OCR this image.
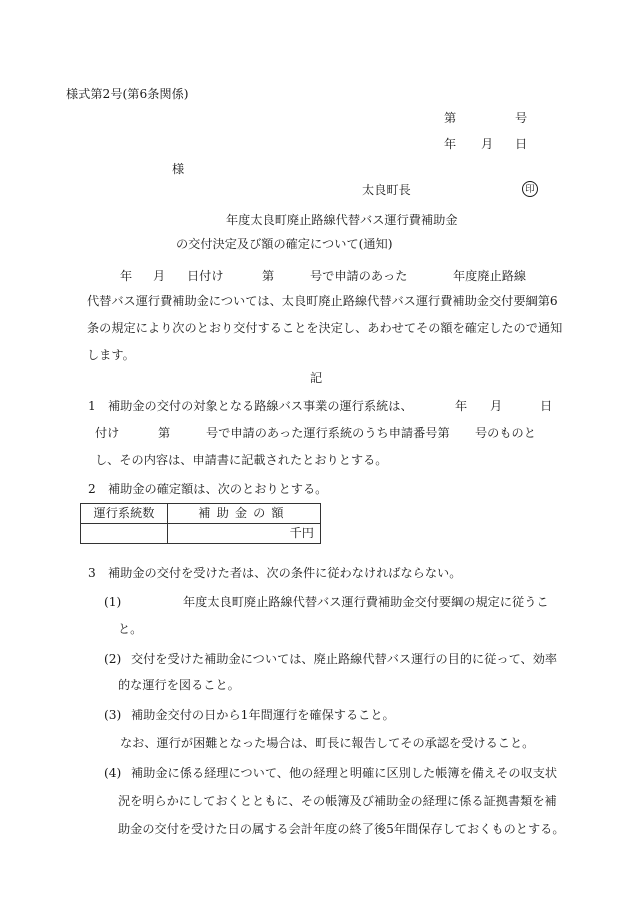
様式第2号(第6条関係)
第	号
年 月 日
様
太良町長	印
年度太良町廃止路線代替バス運行費補助金
の交付決定及び額の確定について(通知)
年 月 日付け	第	号で申請のあった	年度廃止路線
代替バス運行費補助金については、太良町廃止路線代替バス運行費補助金交付要綱第6
条の規定により次のとおり交付することを決定し、あわせてその額を確定したので通知
します。
記
1　補助金の交付の対象となる路線バス事業の運行系統は、	年 月	日
付け	第	号で申請のあった運行系統のうち申請番号第 号のものと
し、その内容は、申請書に記載されたとおりとする。
2　補助金の確定額は、次のとおりとする。
運行系統数	補助金の額
	千円
3　補助金の交付を受けた者は、次の条件に従わなければならない。
(1)	年度太良町廃止路線代替バス運行費補助金交付要綱の規定に従うこ
と。
(2) 交付を受けた補助金については、廃止路線代替バス運行の目的に従って、効率
的な運行を図ること。
(3) 補助金交付の日から1年間運行を確保すること。
なお、運行が困難となった場合は、町長に報告してその承認を受けること。
(4) 補助金に係る経理について、他の経理と明確に区別した帳簿を備えその収支状
況を明らかにしておくとともに、その帳簿及び補助金の経理に係る証拠書類を補
助金の交付を受けた日の属する会計年度の終了後5年間保存しておくものとする。
